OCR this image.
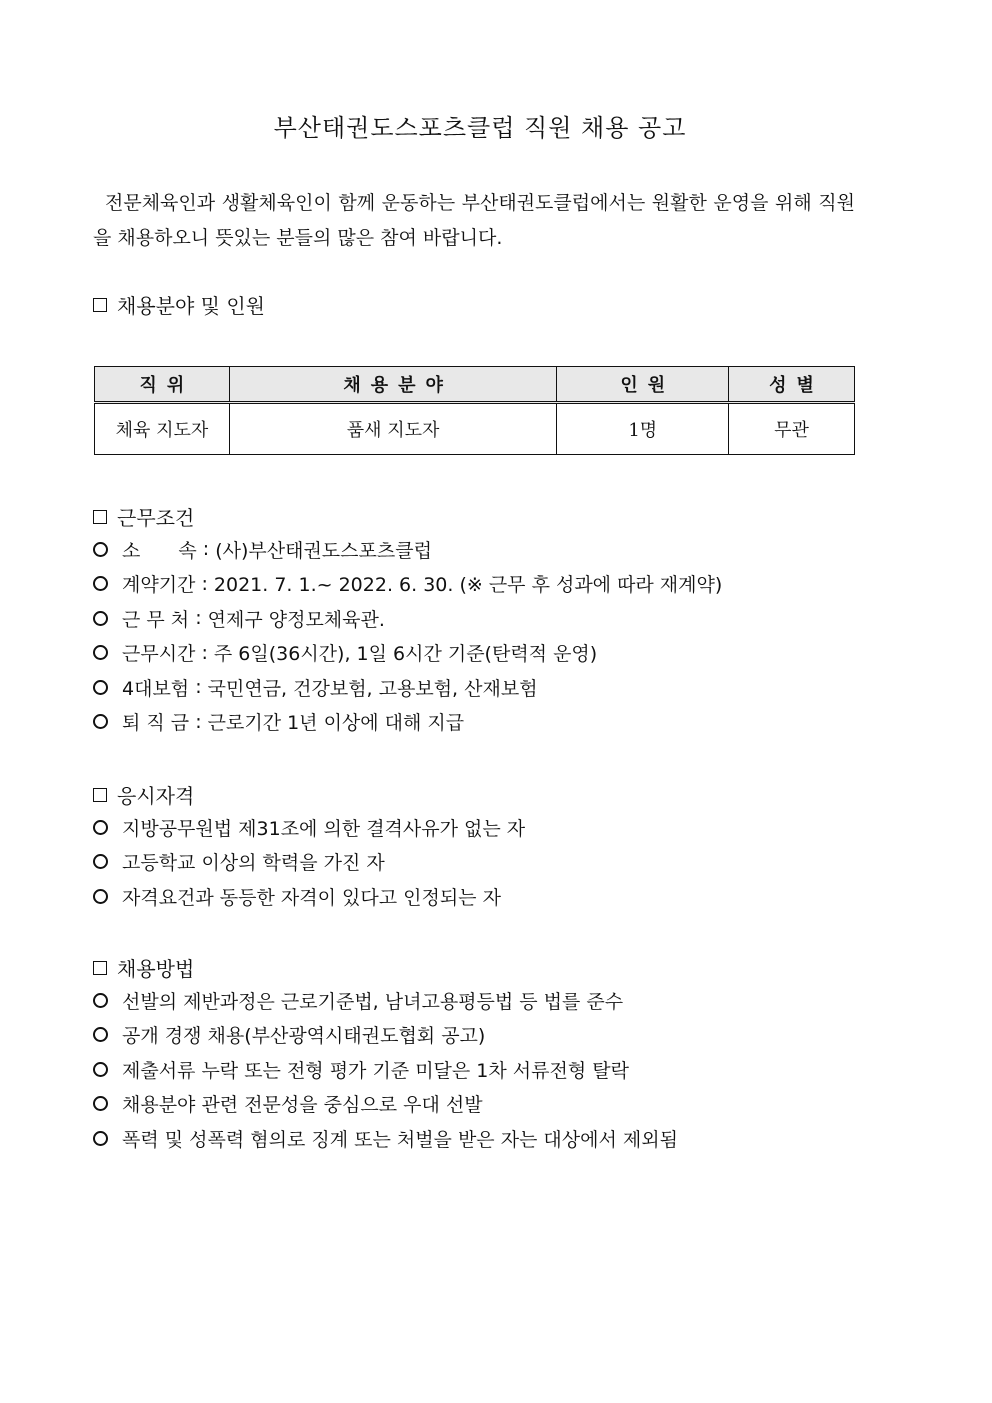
부산태권도스포츠클럽 직원 채용 공고
전문체육인과 생활체육인이 함께 운동하는 부산태권도클럽에서는 원활한 운영을 위해 직원을 채용하오니 뜻있는 분들의 많은 참여 바랍니다.
채용분야 및 인원
직위	채용분야	인원	성별
체육 지도자	품새 지도자	1명	무관
근무조건
소　　속 : (사)부산태권도스포츠클럽
계약기간 : 2021. 7. 1.~ 2022. 6. 30. (※ 근무 후 성과에 따라 재계약)
근 무 처 : 연제구 양정모체육관.
근무시간 : 주 6일(36시간), 1일 6시간 기준(탄력적 운영)
4대보험 : 국민연금, 건강보험, 고용보험, 산재보험
퇴 직 금 : 근로기간 1년 이상에 대해 지급
응시자격
지방공무원법 제31조에 의한 결격사유가 없는 자
고등학교 이상의 학력을 가진 자
자격요건과 동등한 자격이 있다고 인정되는 자
채용방법
선발의 제반과정은 근로기준법, 남녀고용평등법 등 법를 준수
공개 경쟁 채용(부산광역시태권도협회 공고)
제출서류 누락 또는 전형 평가 기준 미달은 1차 서류전형 탈락
채용분야 관련 전문성을 중심으로 우대 선발
폭력 및 성폭력 혐의로 징계 또는 처벌을 받은 자는 대상에서 제외됨
